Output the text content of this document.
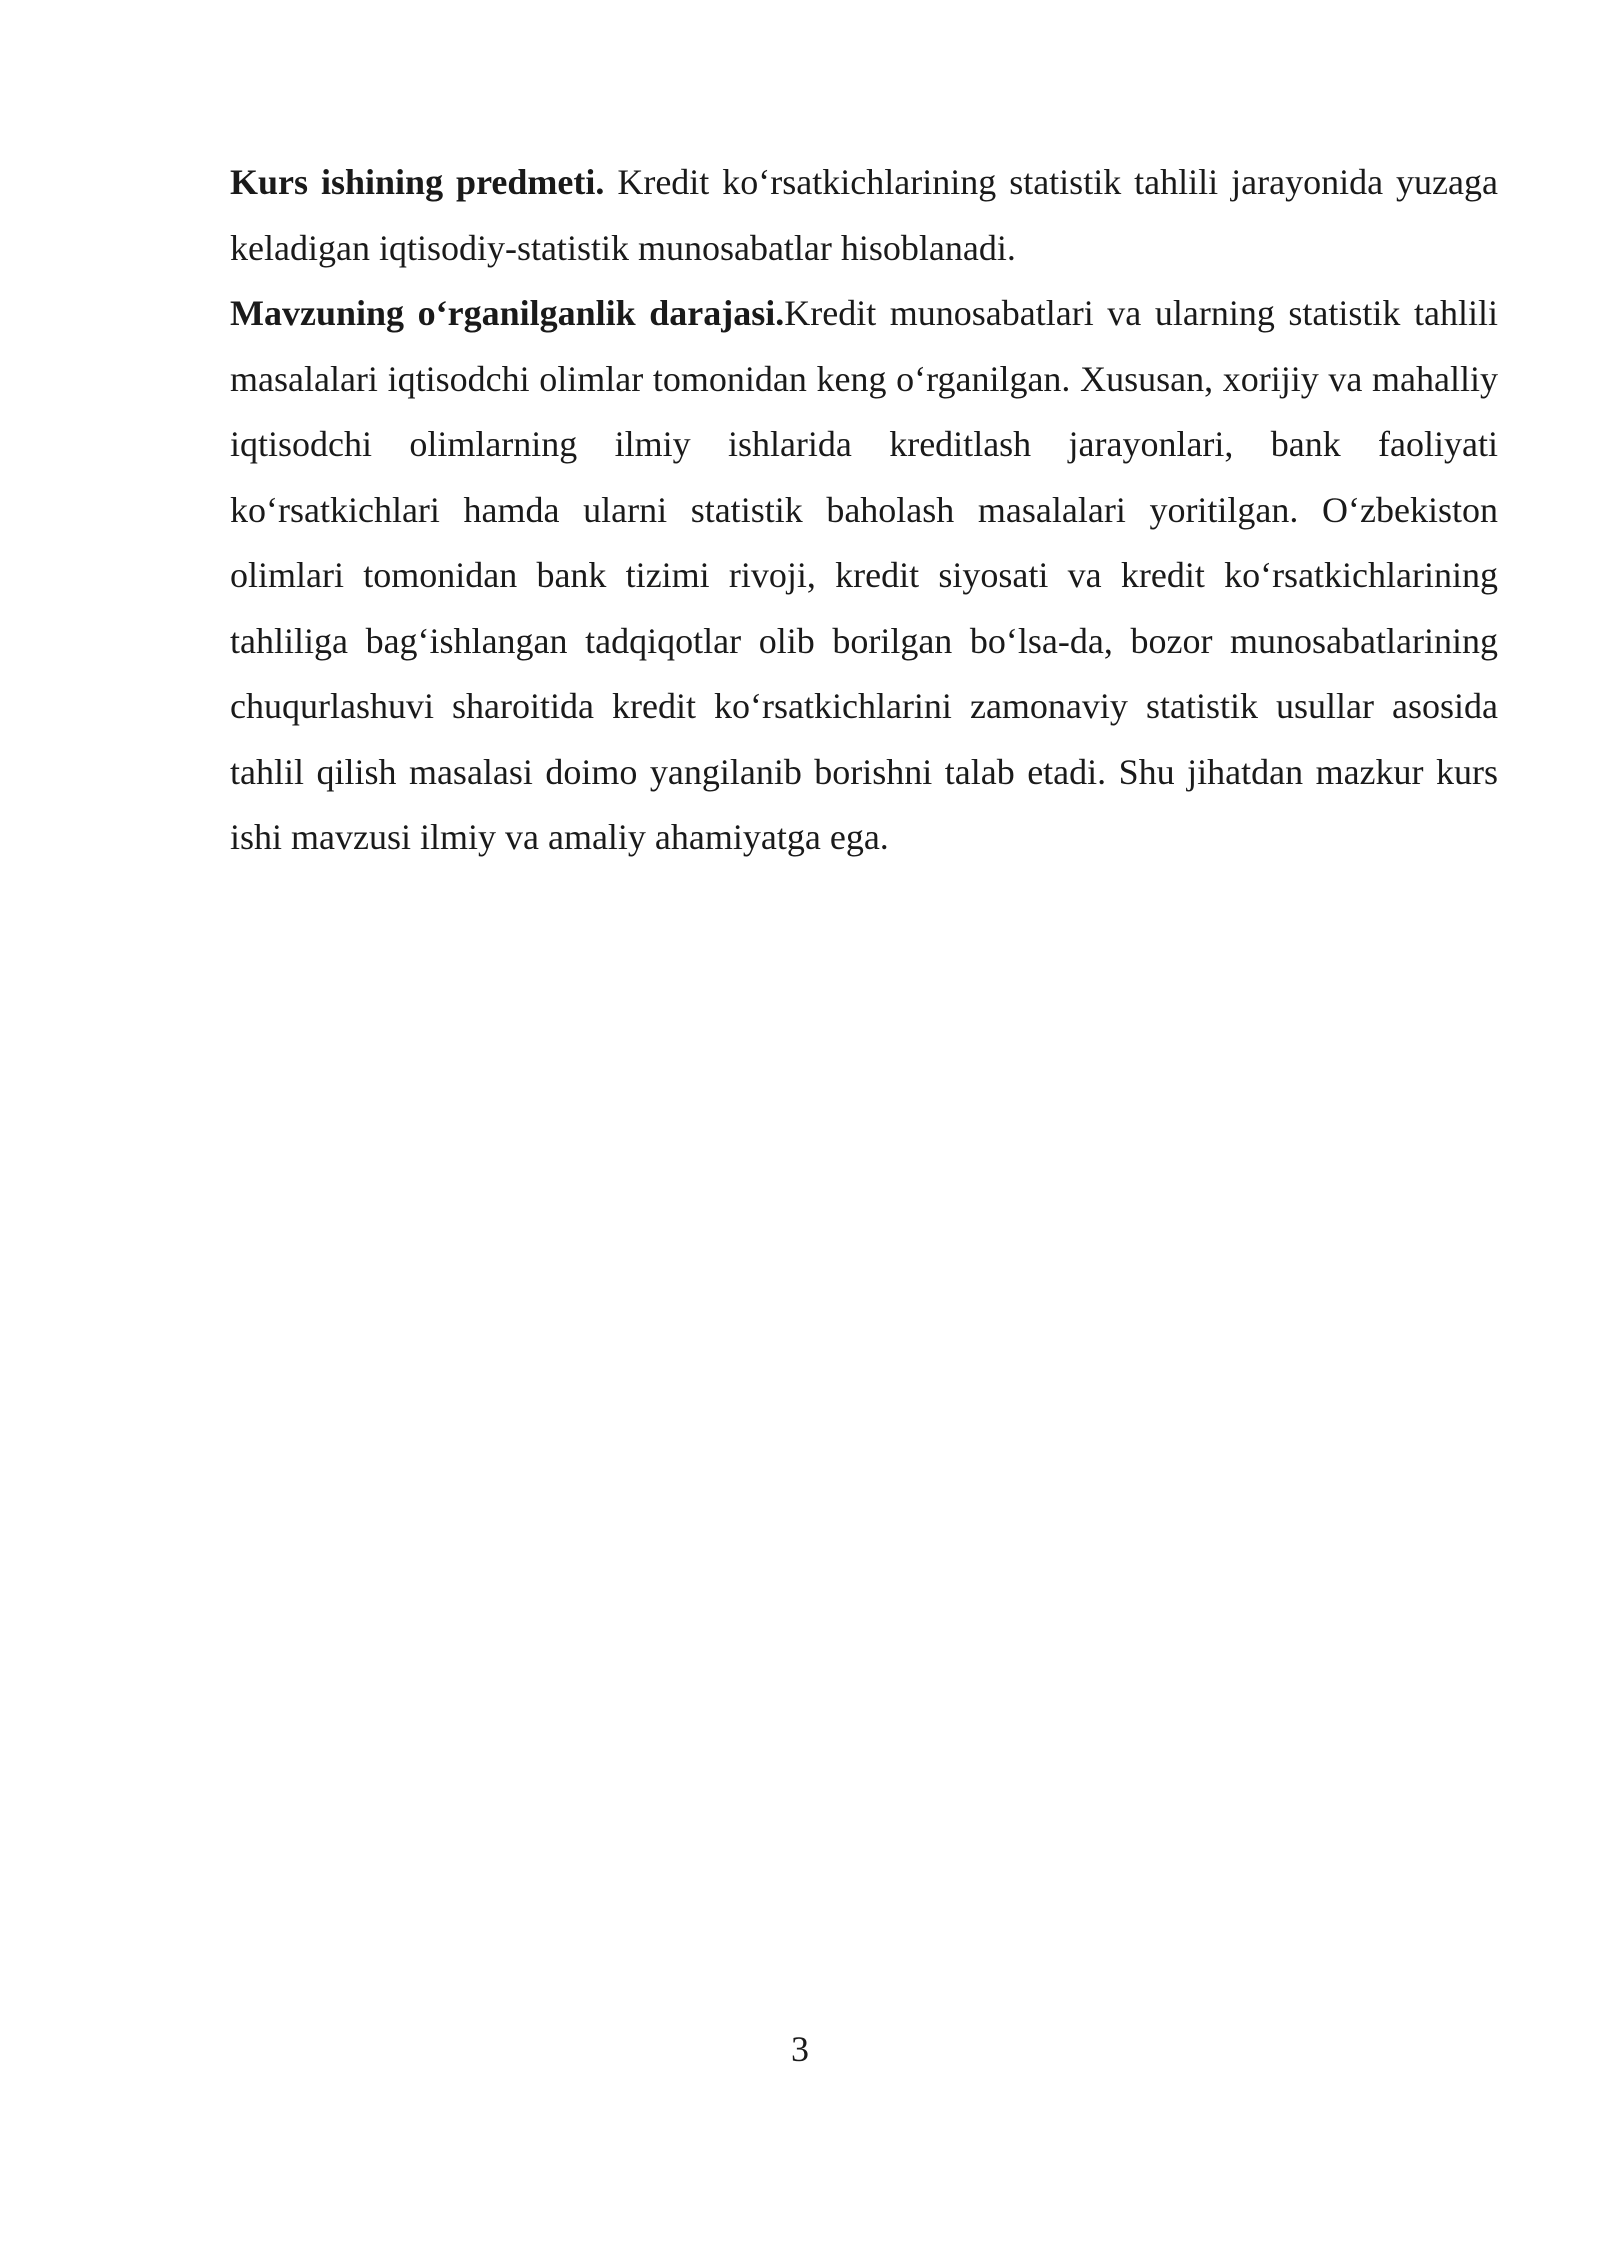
Kurs ishining predmeti. Kredit ko‘rsatkichlarining statistik tahlili jarayonida yuzaga keladigan iqtisodiy-statistik munosabatlar hisoblanadi.

Mavzuning o‘rganilganlik darajasi.Kredit munosabatlari va ularning statistik tahlili masalalari iqtisodchi olimlar tomonidan keng o‘rganilgan. Xususan, xorijiy va mahalliy iqtisodchi olimlarning ilmiy ishlarida kreditlash jarayonlari, bank faoliyati ko‘rsatkichlari hamda ularni statistik baholash masalalari yoritilgan. O‘zbekiston olimlari tomonidan bank tizimi rivoji, kredit siyosati va kredit ko‘rsatkichlarining tahliliga bag‘ishlangan tadqiqotlar olib borilgan bo‘lsa-da, bozor munosabatlarining chuqurlashuvi sharoitida kredit ko‘rsatkichlarini zamonaviy statistik usullar asosida tahlil qilish masalasi doimo yangilanib borishni talab etadi. Shu jihatdan mazkur kurs ishi mavzusi ilmiy va amaliy ahamiyatga ega.

3
